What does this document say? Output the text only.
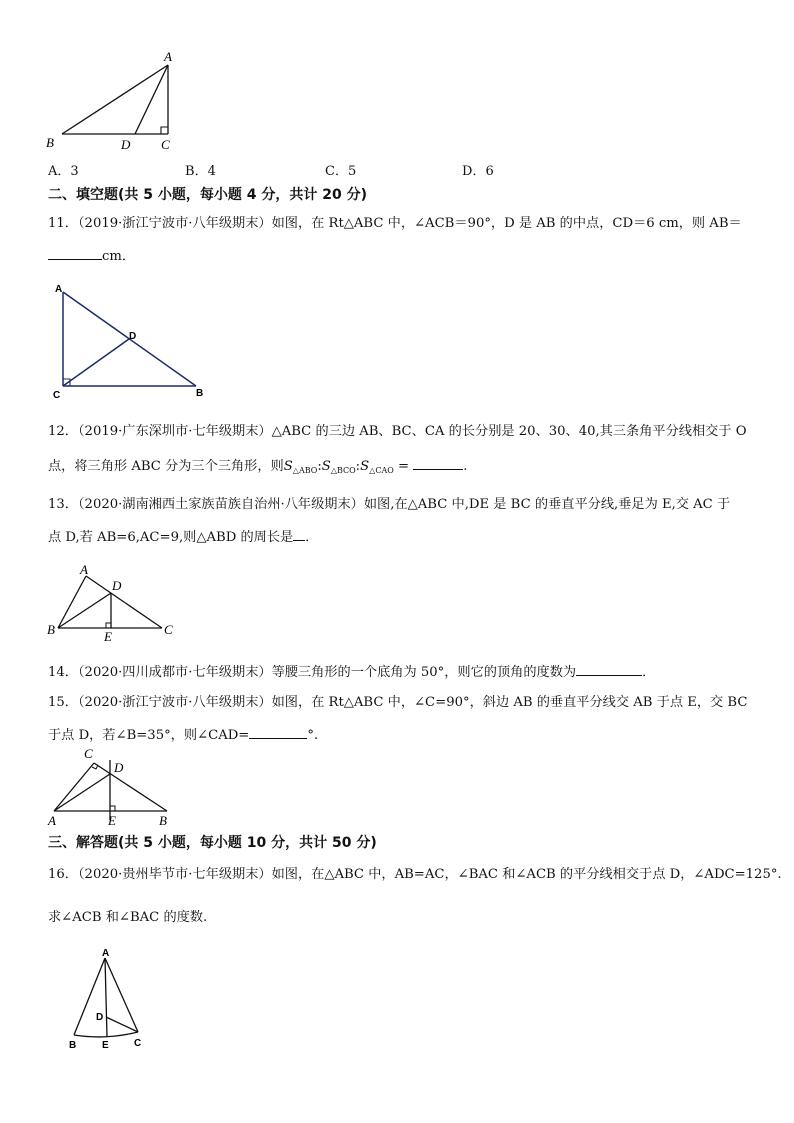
A
B	D C
A．3	B．4	C．5	D．6
二、填空题(共 5 小题，每小题 4 分，共计 20 分)
11．（2019·浙江宁波市·八年级期末）如图，在 Rt△ABC 中，∠ACB＝90°，D 是 AB 的中点，CD＝6 cm，则 AB＝
cm．
A
D
C	B
12．（2019·广东深圳市·七年级期末）△ABC 的三边 AB、BC、CA 的长分别是 20、30、40,其三条角平分线相交于 O
点，将三角形 ABC 分为三个三角形，则$S_{\triangle ABO}:S_{\triangle BCO}:S_{\triangle CAO}$ =	.
13．（2020·湖南湘西土家族苗族自治州·八年级期末）如图,在△ABC 中,DE 是 BC 的垂直平分线,垂足为 E,交 AC 于
点 D,若 AB=6,AC=9,则△ABD 的周长是 ．
A
D
B	E	C
14．（2020·四川成都市·七年级期末）等腰三角形的一个底角为 50°，则它的顶角的度数为	．
15．（2020·浙江宁波市·八年级期末）如图，在 Rt△ABC 中，∠C=90°，斜边 AB 的垂直平分线交 AB 于点 E，交 BC
于点 D，若∠B=35°，则∠CAD=	°.
C
D
A	E	B
三、解答题(共 5 小题，每小题 10 分，共计 50 分)
16．（2020·贵州毕节市·七年级期末）如图，在△ABC 中，AB=AC，∠BAC 和∠ACB 的平分线相交于点 D，∠ADC=125°.
求∠ACB 和∠BAC 的度数.
A
D
B	E	C
